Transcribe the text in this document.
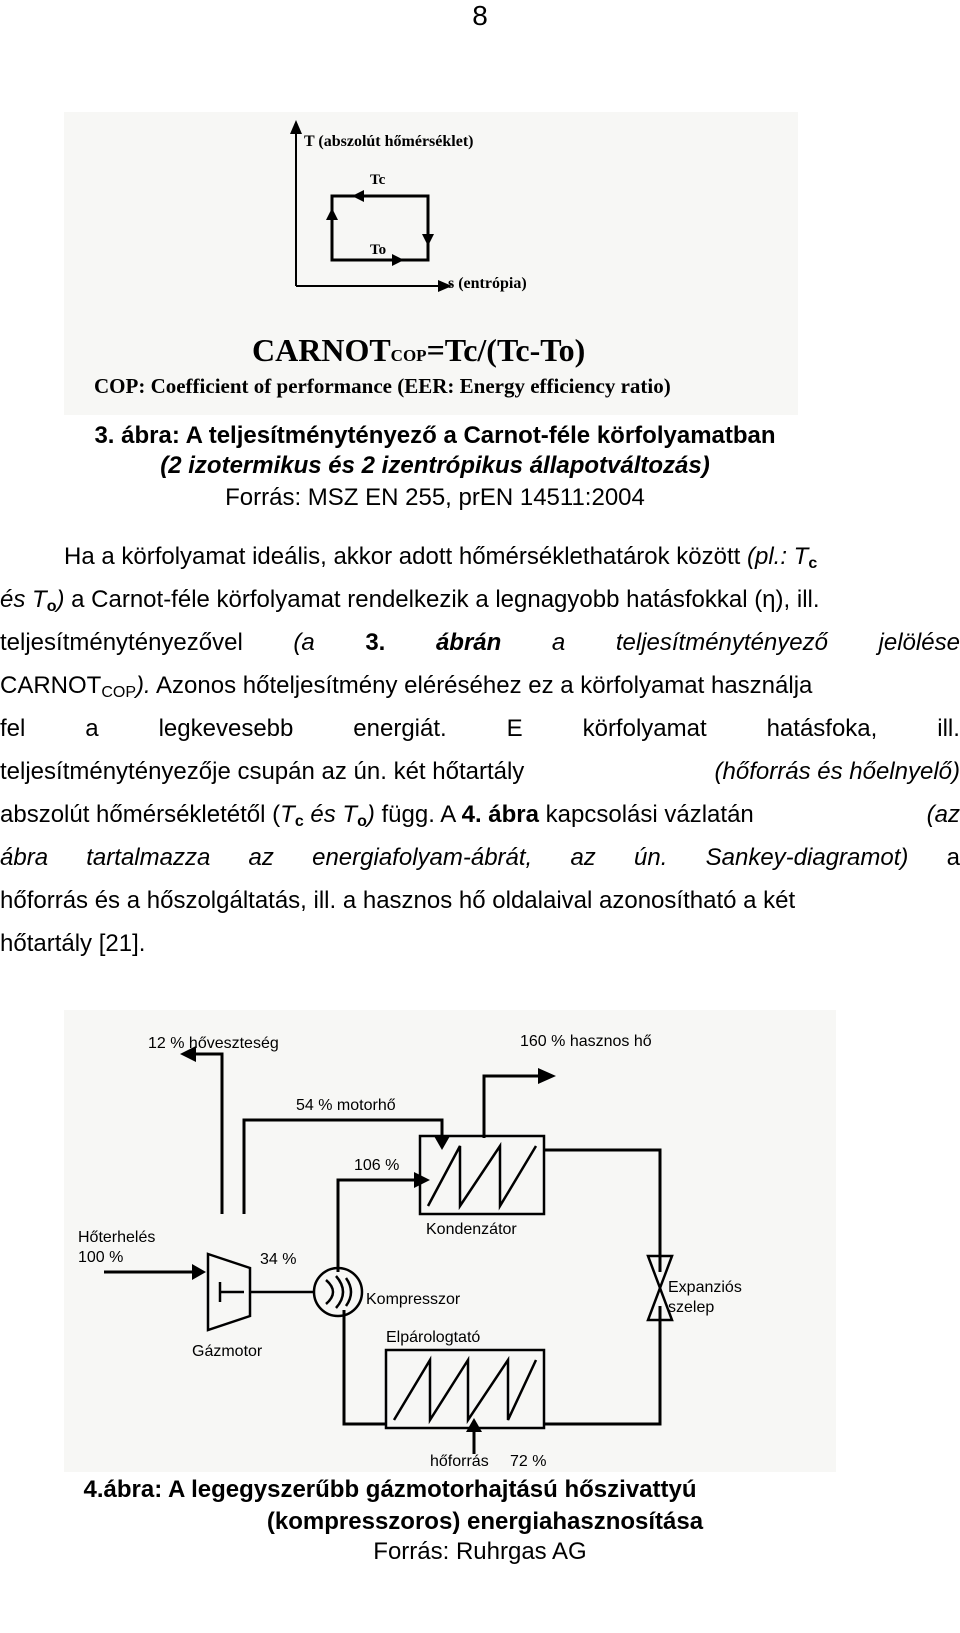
8
T (abszolút hőmérséklet)
Tc
To
s (entrópia)
CARNOTCOP=Tc/(Tc-To)
COP: Coefficient of performance (EER: Energy efficiency ratio)
3. ábra: A teljesítménytényező a Carnot-féle körfolyamatban
(2 izotermikus és 2 izentrópikus állapotváltozás)
Forrás: MSZ EN 255, prEN 14511:2004
Ha a körfolyamat ideális, akkor adott hőmérséklethatárok között (pl.: $T_c$
és $T_o$) a Carnot-féle körfolyamat rendelkezik a legnagyobb hatásfokkal (η), ill.
teljesítménytényezővel (a 3. ábrán a teljesítménytényező jelölése
$CARNOT_{COP}$). Azonos hőteljesítmény eléréséhez ez a körfolyamat használja
fel a legkevesebb energiát. E körfolyamat hatásfoka, ill.
teljesítménytényezője csupán az ún. két hőtartály	(hőforrás és hőelnyelő)
abszolút hőmérsékletétől ($T_c$ és $T_o$) függ. A 4. ábra kapcsolási vázlatán	(az
ábra tartalmazza az energiafolyam-ábrát, az ún. Sankey-diagramot) a
hőforrás és a hőszolgáltatás, ill. a hasznos hő oldalaival azonosítható a két
hőtartály [21].
12 % hőveszteség	160 % hasznos hő
54 % motorhő
106 %
Kondenzátor
Hőterhelés
100 %	34 %
Kompresszor
Expanziós
szelep
Gázmotor
Elpárologtató
hőforrás 72 %
4.ábra: A legegyszerűbb gázmotorhajtású hőszivattyú
(kompresszoros) energiahasznosítása
Forrás: Ruhrgas AG
